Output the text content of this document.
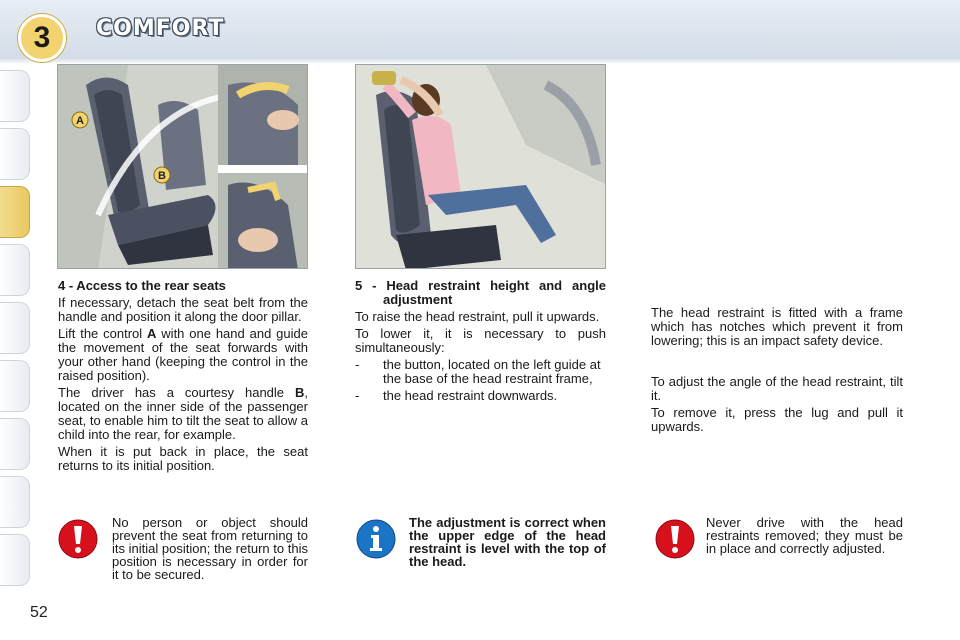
3 COMFORT
A
B

4 - Access to the rear seats

If necessary, detach the seat belt from the handle and position it along the door pillar.

Lift the control A with one hand and guide the movement of the seat forwards with your other hand (keeping the control in the raised position).

The driver has a courtesy handle B, located on the inner side of the passenger seat, to enable him to tilt the seat to allow a child into the rear, for example.

When it is put back in place, the seat returns to its initial position.

5 - Head restraint height and angle adjustment

To raise the head restraint, pull it upwards.

To lower it, it is necessary to push simultaneously:

-	the button, located on the left guide at the base of the head restraint frame,
-	the head restraint downwards.

The head restraint is fitted with a frame which has notches which prevent it from lowering; this is an impact safety device.

To adjust the angle of the head restraint, tilt it.

To remove it, press the lug and pull it upwards.

No person or object should prevent the seat from returning to its initial position; the return to this position is necessary in order for it to be secured.
The adjustment is correct when the upper edge of the head restraint is level with the top of the head.
Never drive with the head restraints removed; they must be in place and correctly adjusted.
52
